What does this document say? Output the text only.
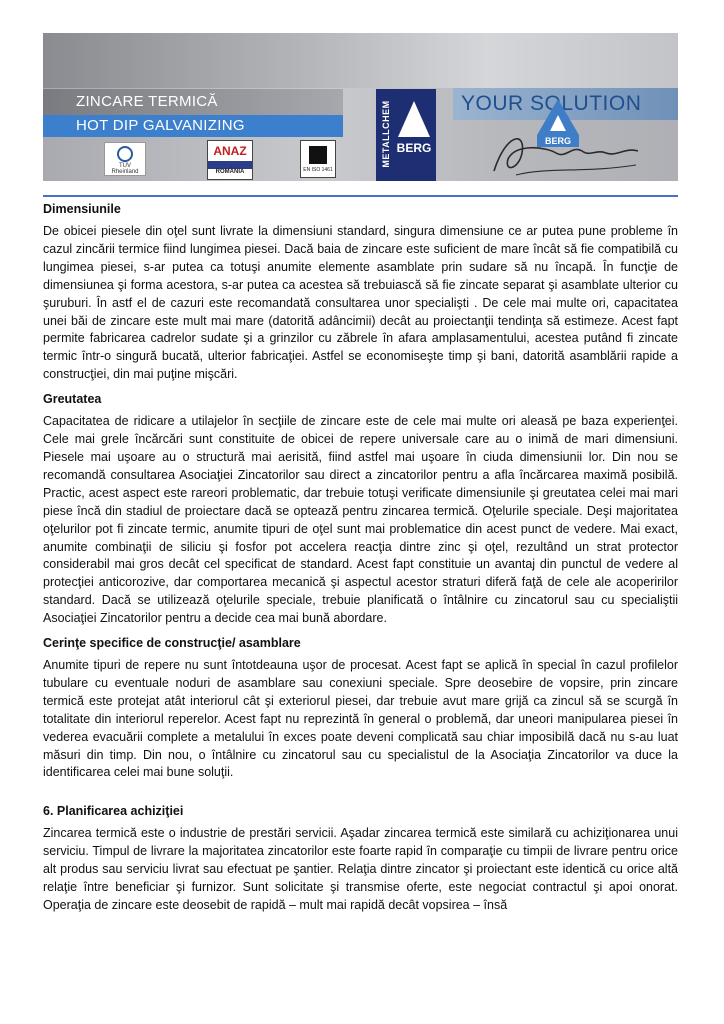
YOUR SOLUTION
ZINCARE TERMICĂ
HOT DIP GALVANIZING
TÜV Rheinland
ANAZ
ROMÂNIA	EN ISO 1461
METALLCHEM BERG	BERG
Dimensiunile

De obicei piesele din oţel sunt livrate la dimensiuni standard, singura dimensiune ce ar putea pune probleme în cazul zincării termice fiind lungimea piesei. Dacă baia de zincare este suficient de mare încât să fie compatibilă cu lungimea piesei, s-ar putea ca totuşi anumite elemente asamblate prin sudare să nu încapă. În funcţie de dimensiunea şi forma acestora, s-ar putea ca acestea să trebuiască să fie zincate separat şi asamblate ulterior cu şuruburi. În astf el de cazuri este recomandată consultarea unor specialişti . De cele mai multe ori, capacitatea unei băi de zincare este mult mai mare (datorită adâncimii) decât au proiectanţii tendinţa să estimeze. Acest fapt permite fabricarea cadrelor sudate şi a grinzilor cu zăbrele în afara amplasamentului, acestea putând fi zincate termic într-o singură bucată, ulterior fabricaţiei. Astfel se economiseşte timp şi bani, datorită asamblării rapide a construcţiei, din mai puţine mişcări.

Greutatea

Capacitatea de ridicare a utilajelor în secţiile de zincare este de cele mai multe ori aleasă pe baza experienţei. Cele mai grele încărcări sunt constituite de obicei de repere universale care au o inimă de mari dimensiuni. Piesele mai uşoare au o structură mai aerisită, fiind astfel mai uşoare în ciuda dimensiunii lor. Din nou se recomandă consultarea Asociaţiei Zincatorilor sau direct a zincatorilor pentru a afla încărcarea maximă posibilă. Practic, acest aspect este rareori problematic, dar trebuie totuşi verificate dimensiunile şi greutatea celei mai mari piese încă din stadiul de proiectare dacă se optează pentru zincarea termică. Oţelurile speciale. Deşi majoritatea oţelurilor pot fi zincate termic, anumite tipuri de oţel sunt mai problematice din acest punct de vedere. Mai exact, anumite combinaţii de siliciu şi fosfor pot accelera reacţia dintre zinc şi oţel, rezultând un strat protector considerabil mai gros decât cel specificat de standard. Acest fapt constituie un avantaj din punctul de vedere al protecţiei anticorozive, dar comportarea mecanică şi aspectul acestor straturi diferă faţă de cele ale acoperirilor standard. Dacă se utilizează oţelurile speciale, trebuie planificată o întâlnire cu zincatorul sau cu specialiştii Asociaţiei Zincatorilor pentru a decide cea mai bună abordare.

Cerinţe specifice de construcţie/ asamblare

Anumite tipuri de repere nu sunt întotdeauna uşor de procesat. Acest fapt se aplică în special în cazul profilelor tubulare cu eventuale noduri de asamblare sau conexiuni speciale. Spre deosebire de vopsire, prin zincare termică este protejat atât interiorul cât şi exteriorul piesei, dar trebuie avut mare grijă ca zincul să se scurgă în totalitate din interiorul reperelor. Acest fapt nu reprezintă în general o problemă, dar uneori manipularea piesei în vederea evacuării complete a metalului în exces poate deveni complicată sau chiar imposibilă dacă nu s-au luat măsuri din timp. Din nou, o întâlnire cu zincatorul sau cu specialistul de la Asociaţia Zincatorilor va duce la identificarea celei mai bune soluţii.

6. Planificarea achiziţiei

Zincarea termică este o industrie de prestări servicii. Aşadar zincarea termică este similară cu achiziţionarea unui serviciu. Timpul de livrare la majoritatea zincatorilor este foarte rapid în comparaţie cu timpii de livrare pentru orice alt produs sau serviciu livrat sau efectuat pe şantier. Relaţia dintre zincator şi proiectant este identică cu orice altă relaţie între beneficiar şi furnizor. Sunt solicitate şi transmise oferte, este negociat contractul şi apoi onorat. Operaţia de zincare este deosebit de rapidă – mult mai rapidă decât vopsirea – însă
